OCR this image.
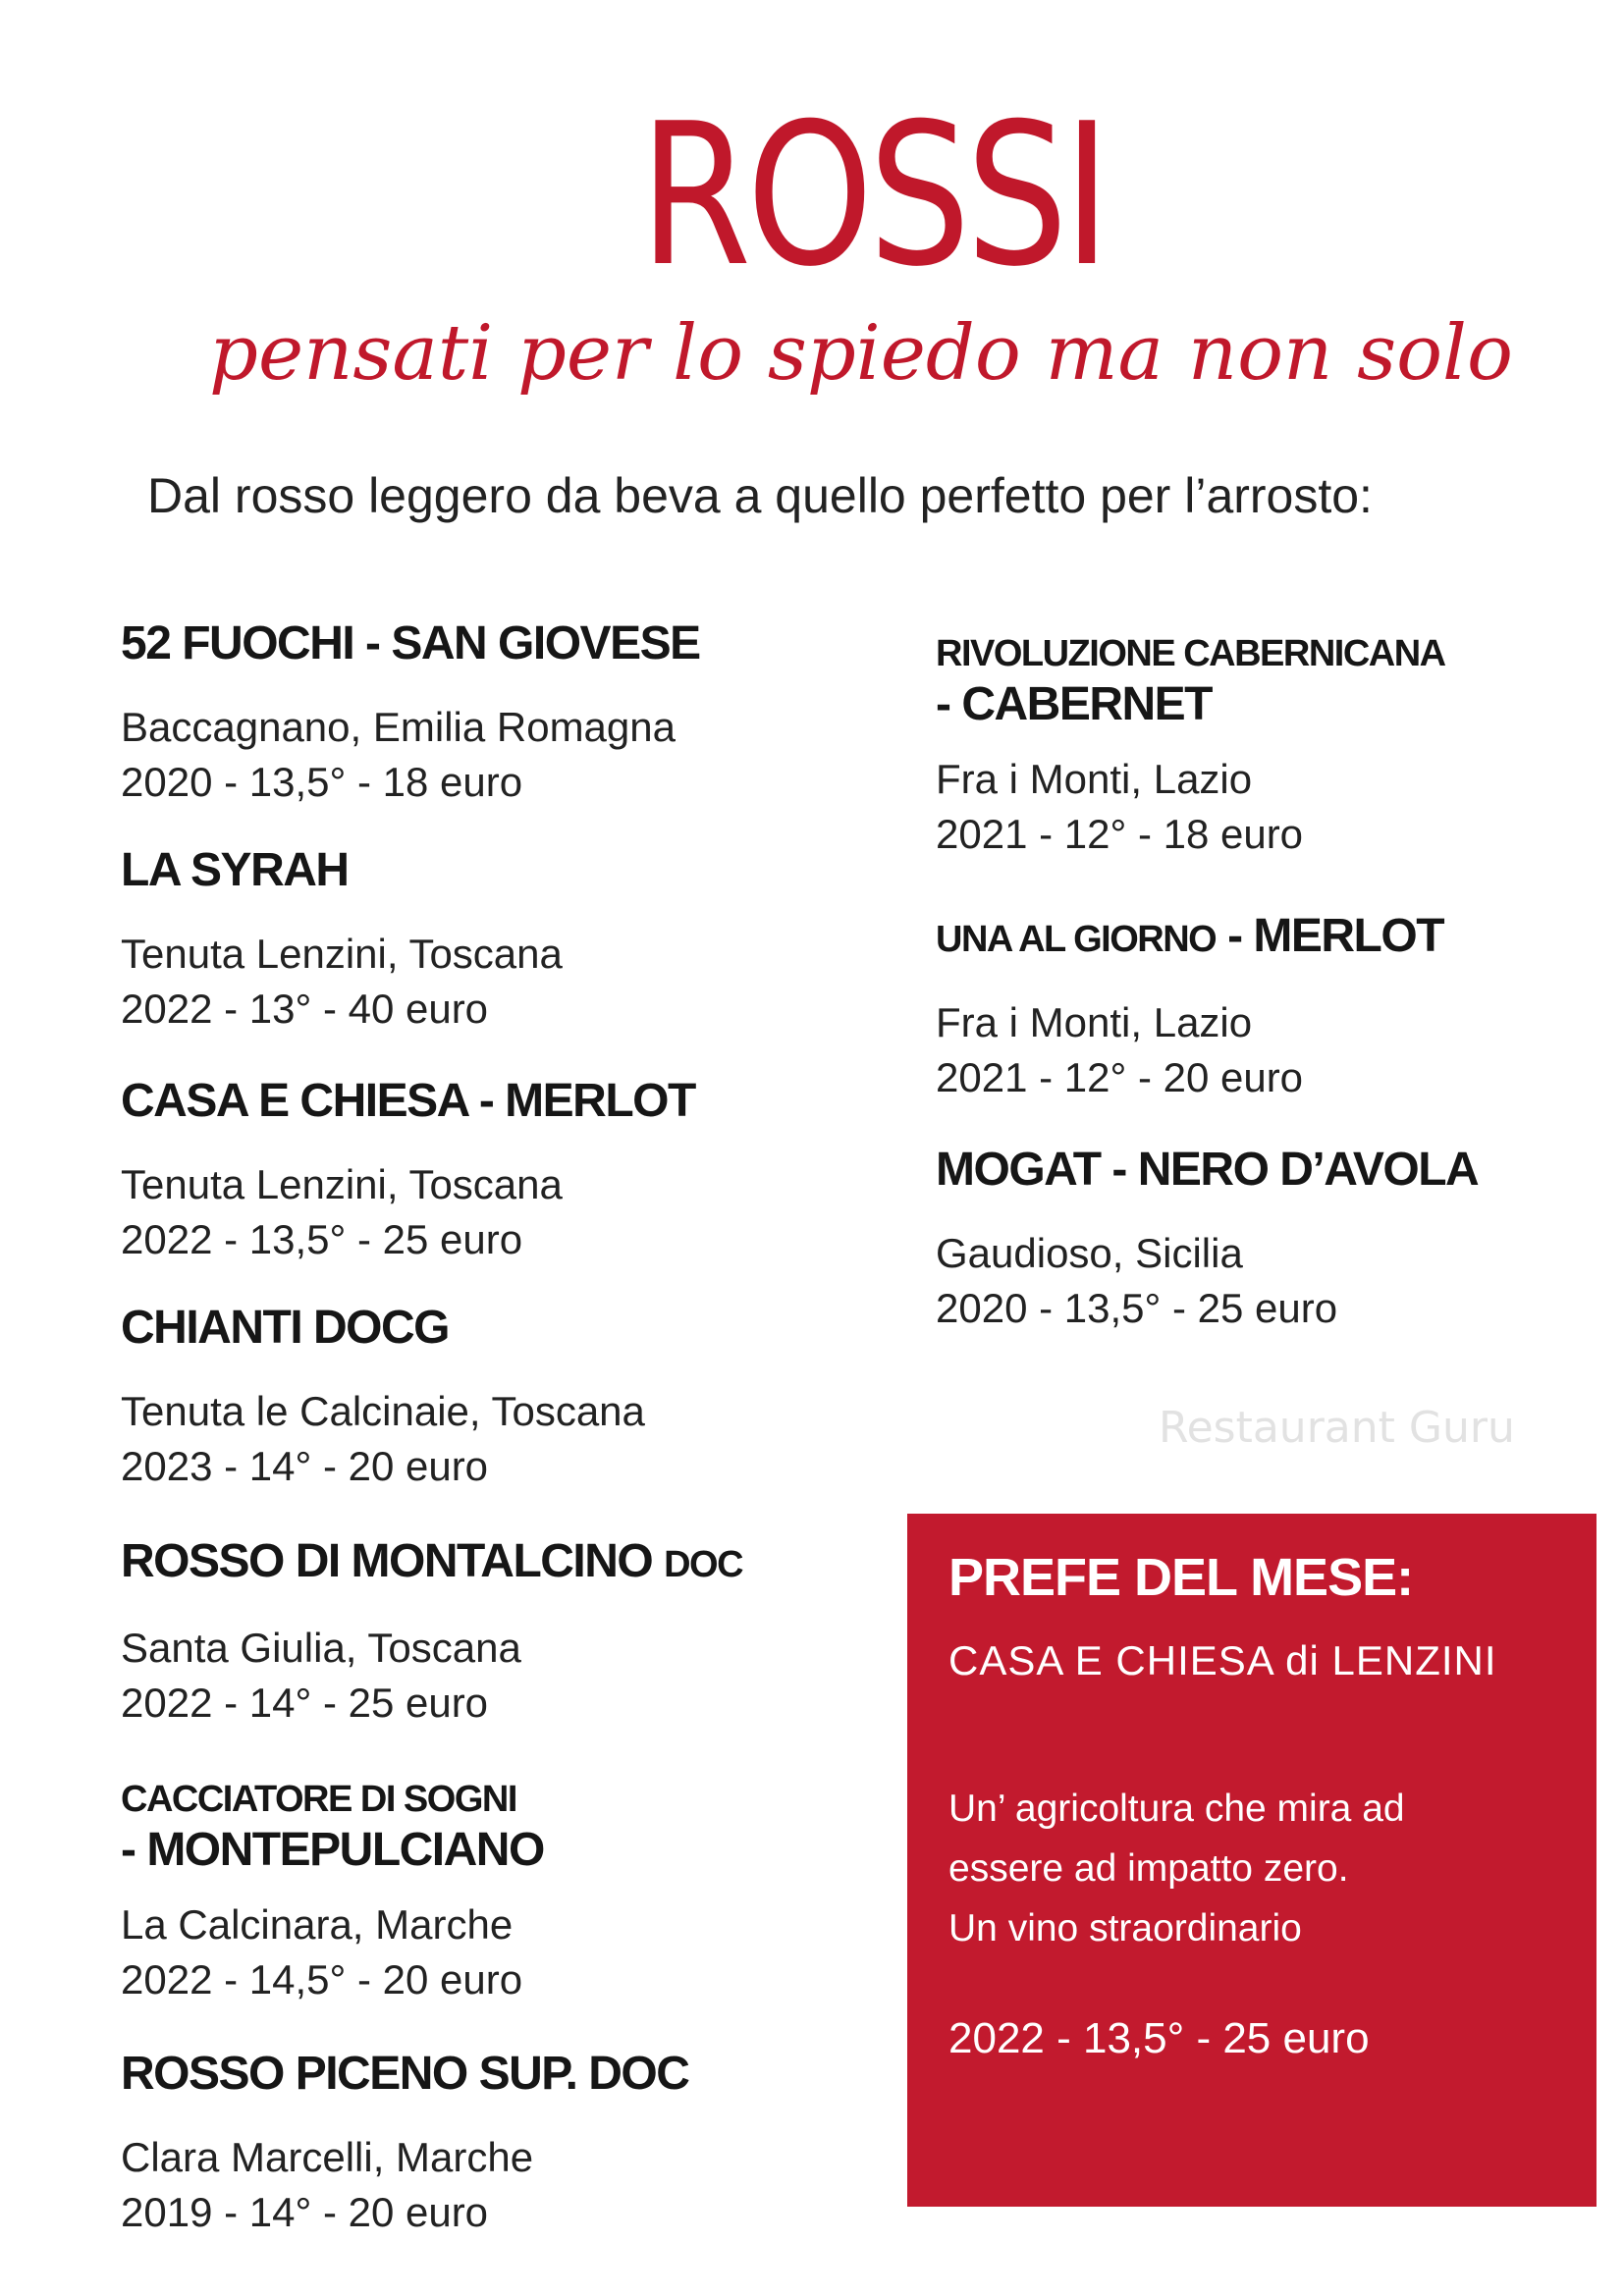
Restaurant Guru
ROSSI
pensati per lo spiedo ma non solo
Dal rosso leggero da beva a quello perfetto per l’arrosto:
52 FUOCHI - SAN GIOVESE
Baccagnano, Emilia Romagna
2020 - 13,5° - 18 euro
LA SYRAH
Tenuta Lenzini, Toscana
2022 - 13° - 40 euro
CASA E CHIESA - MERLOT
Tenuta Lenzini, Toscana
2022 - 13,5° - 25 euro
CHIANTI DOCG
Tenuta le Calcinaie, Toscana
2023 - 14° - 20 euro
ROSSO DI MONTALCINO DOC
Santa Giulia, Toscana
2022 - 14° - 25 euro
CACCIATORE DI SOGNI
- MONTEPULCIANO
La Calcinara, Marche
2022 - 14,5° - 20 euro
ROSSO PICENO SUP. DOC
Clara Marcelli, Marche
2019 - 14° - 20 euro
RIVOLUZIONE CABERNICANA
- CABERNET
Fra i Monti, Lazio
2021 - 12° - 18 euro
UNA AL GIORNO - MERLOT
Fra i Monti, Lazio
2021 - 12° - 20 euro
MOGAT - NERO D’AVOLA
Gaudioso, Sicilia
2020 - 13,5° - 25 euro
PREFE DEL MESE:
CASA E CHIESA di LENZINI
Un’ agricoltura che mira ad
essere ad impatto zero.
Un vino straordinario
2022 - 13,5° - 25 euro
